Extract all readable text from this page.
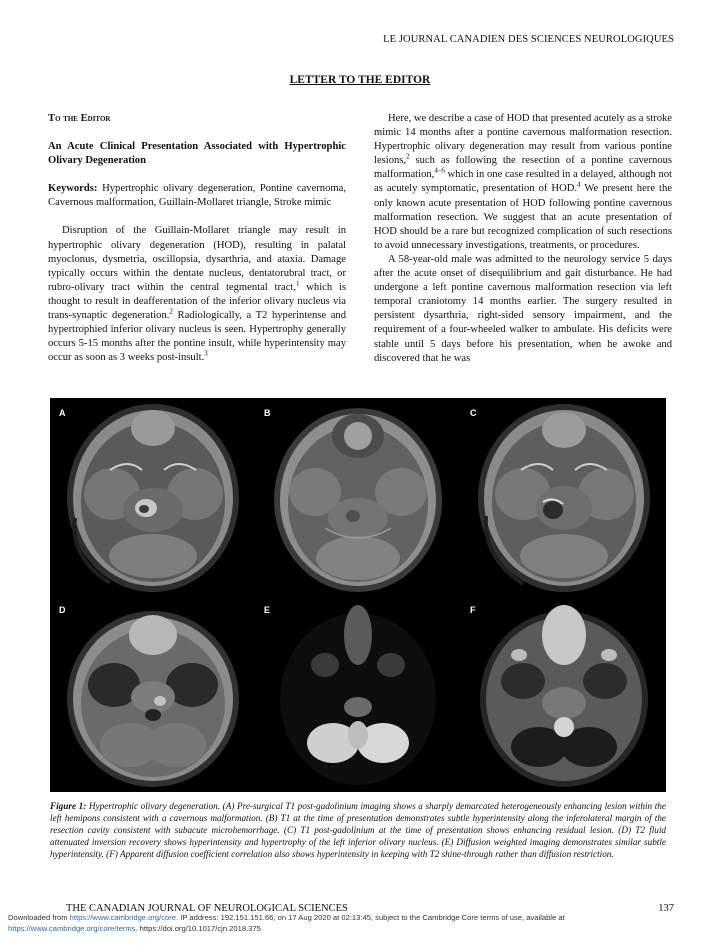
LE JOURNAL CANADIEN DES SCIENCES NEUROLOGIQUES
LETTER TO THE EDITOR

To the Editor

An Acute Clinical Presentation Associated with Hypertrophic Olivary Degeneration

Keywords: Hypertrophic olivary degeneration, Pontine cavernoma, Cavernous malformation, Guillain-Mollaret triangle, Stroke mimic

Disruption of the Guillain-Mollaret triangle may result in hypertrophic olivary degeneration (HOD), resulting in palatal myoclonus, dysmetria, oscillopsia, dysarthria, and ataxia. Damage typically occurs within the dentate nucleus, dentatorubral tract, or rubro-olivary tract within the central tegmental tract,$^1$ which is thought to result in deafferentation of the inferior olivary nucleus via trans-synaptic degeneration.$^2$ Radiologically, a T2 hyperintense and hypertrophied inferior olivary nucleus is seen. Hypertrophy generally occurs 5-15 months after the pontine insult, while hyperintensity may occur as soon as 3 weeks post-insult.$^3$

Here, we describe a case of HOD that presented acutely as a stroke mimic 14 months after a pontine cavernous malformation resection. Hypertrophic olivary degeneration may result from various pontine lesions,$^2$ such as following the resection of a pontine cavernous malformation,$^{4-6}$ which in one case resulted in a delayed, although not as acutely symptomatic, presentation of HOD.$^4$ We present here the only known acute presentation of HOD following pontine cavernous malformation resection. We suggest that an acute presentation of HOD should be a rare but recognized complication of such resections to avoid unnecessary investigations, treatments, or procedures.

A 58-year-old male was admitted to the neurology service 5 days after the acute onset of disequilibrium and gait disturbance. He had undergone a left pontine cavernous malformation resection via left temporal craniotomy 14 months earlier. The surgery resulted in persistent dysarthria, right-sided sensory impairment, and the requirement of a four-wheeled walker to ambulate. His deficits were stable until 5 days before his presentation, when he awoke and discovered that he was

A	B	C
D	E	F

Figure 1: Hypertrophic olivary degeneration. (A) Pre-surgical T1 post-gadolinium imaging shows a sharply demarcated heterogeneously enhancing lesion within the left hemipons consistent with a cavernous malformation. (B) T1 at the time of presentation demonstrates subtle hyperintensity along the inferolateral margin of the resection cavity consistent with subacute microhemorrhage. (C) T1 post-gadolinium at the time of presentation shows enhancing residual lesion. (D) T2 fluid attenuated inversion recovery shows hyperintensity and hypertrophy of the left inferior olivary nucleus. (E) Diffusion weighted imaging demonstrates similar subtle hyperintensity. (F) Apparent diffusion coefficient correlation also shows hyperintensity in keeping with T2 shine-through rather than diffusion restriction.

THE CANADIAN JOURNAL OF NEUROLOGICAL SCIENCES	137
Downloaded from https://www.cambridge.org/core. IP address: 192.151.151.66, on 17 Aug 2020 at 02:13:45, subject to the Cambridge Core terms of use, available at
https://www.cambridge.org/core/terms. https://doi.org/10.1017/cjn.2018.375
